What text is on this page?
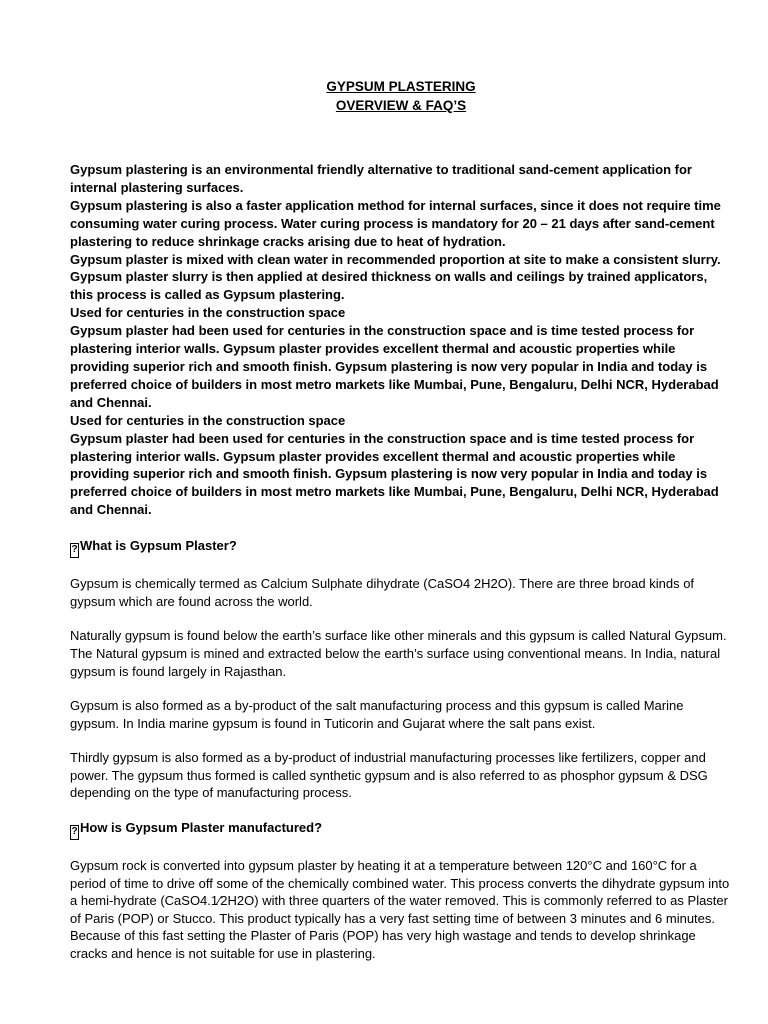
GYPSUM PLASTERING
OVERVIEW & FAQ’S

Gypsum plastering is an environmental friendly alternative to traditional sand-cement application for internal plastering surfaces.

Gypsum plastering is also a faster application method for internal surfaces, since it does not require time consuming water curing process. Water curing process is mandatory for 20 – 21 days after sand-cement plastering to reduce shrinkage cracks arising due to heat of hydration.

Gypsum plaster is mixed with clean water in recommended proportion at site to make a consistent slurry. Gypsum plaster slurry is then applied at desired thickness on walls and ceilings by trained applicators, this process is called as Gypsum plastering.

Used for centuries in the construction space

Gypsum plaster had been used for centuries in the construction space and is time tested process for plastering interior walls. Gypsum plaster provides excellent thermal and acoustic properties while providing superior rich and smooth finish. Gypsum plastering is now very popular in India and today is preferred choice of builders in most metro markets like Mumbai, Pune, Bengaluru, Delhi NCR, Hyderabad and Chennai.

Used for centuries in the construction space

Gypsum plaster had been used for centuries in the construction space and is time tested process for plastering interior walls. Gypsum plaster provides excellent thermal and acoustic properties while providing superior rich and smooth finish. Gypsum plastering is now very popular in India and today is preferred choice of builders in most metro markets like Mumbai, Pune, Bengaluru, Delhi NCR, Hyderabad and Chennai.

? What is Gypsum Plaster?

Gypsum is chemically termed as Calcium Sulphate dihydrate (CaSO4 2H2O). There are three broad kinds of gypsum which are found across the world.

Naturally gypsum is found below the earth’s surface like other minerals and this gypsum is called Natural Gypsum. The Natural gypsum is mined and extracted below the earth’s surface using conventional means. In India, natural gypsum is found largely in Rajasthan.

Gypsum is also formed as a by-product of the salt manufacturing process and this gypsum is called Marine gypsum. In India marine gypsum is found in Tuticorin and Gujarat where the salt pans exist.

Thirdly gypsum is also formed as a by-product of industrial manufacturing processes like fertilizers, copper and power. The gypsum thus formed is called synthetic gypsum and is also referred to as phosphor gypsum & DSG depending on the type of manufacturing process.

? How is Gypsum Plaster manufactured?

Gypsum rock is converted into gypsum plaster by heating it at a temperature between 120°C and 160°C for a period of time to drive off some of the chemically combined water. This process converts the dihydrate gypsum into a hemi-hydrate (CaSO4.1⁄2H2O) with three quarters of the water removed. This is commonly referred to as Plaster of Paris (POP) or Stucco. This product typically has a very fast setting time of between 3 minutes and 6 minutes. Because of this fast setting the Plaster of Paris (POP) has very high wastage and tends to develop shrinkage cracks and hence is not suitable for use in plastering.
